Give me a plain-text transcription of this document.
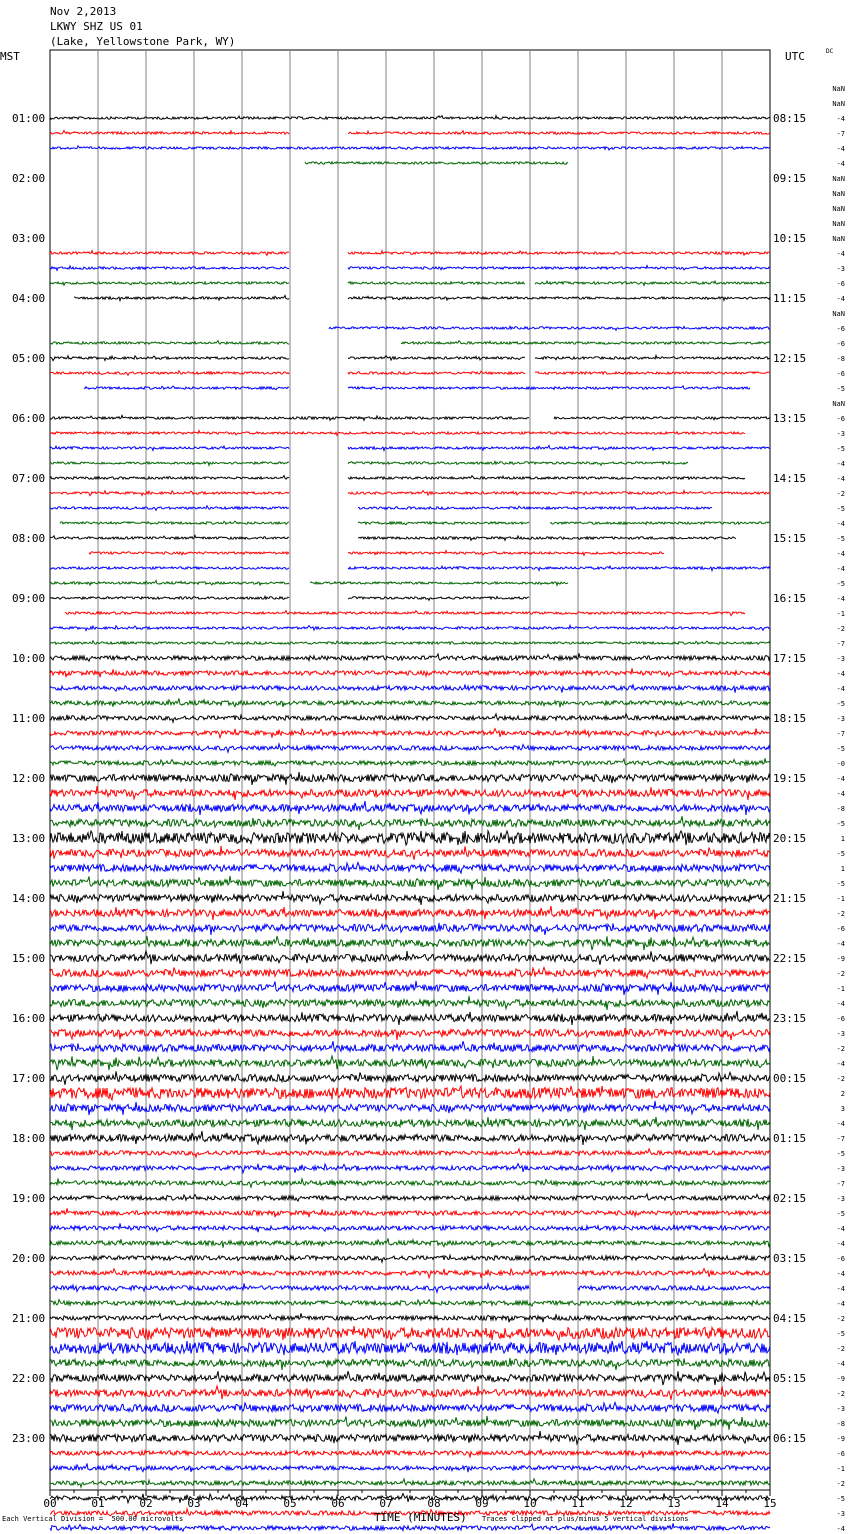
Nov 2,2013
LKWY SHZ US 01
(Lake, Yellowstone Park, WY)
MST	UTC	DC
00	01	02	03	04	05	06	07	08	09	10	11	12	13	14	15
01:00	08:15
02:00	09:15
03:00	10:15
04:00	11:15
05:00	12:15
06:00	13:15
07:00	14:15
08:00	15:15
09:00	16:15
10:00	17:15
11:00	18:15
12:00	19:15
13:00	20:15
14:00	21:15
15:00	22:15
16:00	23:15
17:00	00:15
18:00	01:15
19:00	02:15
20:00	03:15
21:00	04:15
22:00	05:15
23:00	06:15
NaN
NaN
-4
-7
-4
-4
NaN
NaN
NaN
NaN
NaN
-4
-3
-6
-4
NaN
-6
-6
-8
-6
-5
NaN
-6
-3
-5
-4
-4
-2
-5
-4
-5
-4
-4
-5
-4
-1
-2
-7
-3
-4
-4
-5
-3
-7
-5
-0
-4
-4
-8
-5
1
-5
1
-5
-1
-2
-6
-4
-9
-2
-1
-4
-6
-3
-2
-4
-2
2
3
-4
-7
-5
-3
-7
-3
-5
-4
-4
-6
-4
-4
-4
-2
-5
-2
-4
-9
-2
-3
-8
-9
-6
-1
-2
-5
-3
-4
TIME (MINUTES)
Each Vertical Division =  500.00 microvolts	Traces clipped at plus/minus 5 vertical divisions
